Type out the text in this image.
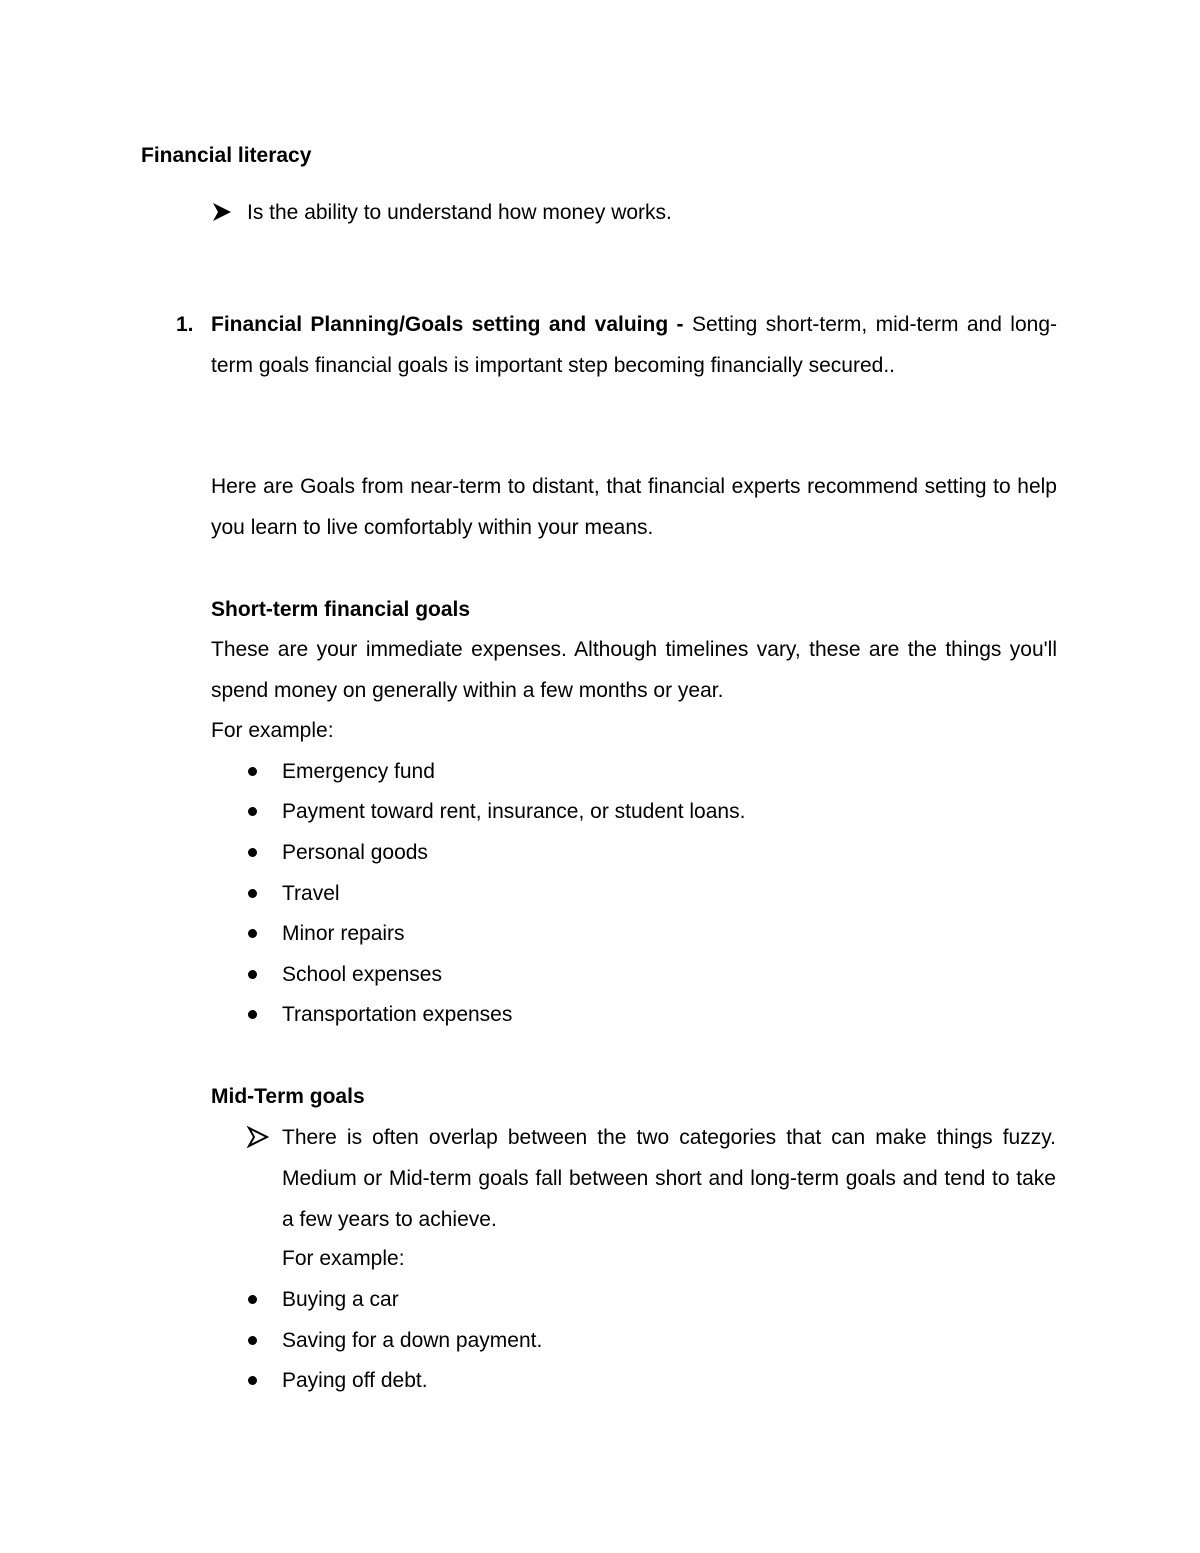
Financial literacy
Is the ability to understand how money works.
1. Financial Planning/Goals setting and valuing - Setting short-term, mid-term and long-term goals financial goals is important step becoming financially secured..
Here are Goals from near-term to distant, that financial experts recommend setting to help you learn to live comfortably within your means.
Short-term financial goals
These are your immediate expenses. Although timelines vary, these are the things you'll spend money on generally within a few months or year.
For example:
Emergency fund
Payment toward rent, insurance, or student loans.
Personal goods
Travel
Minor repairs
School expenses
Transportation expenses
Mid-Term goals
There is often overlap between the two categories that can make things fuzzy. Medium or Mid-term goals fall between short and long-term goals and tend to take a few years to achieve.
For example:
Buying a car
Saving for a down payment.
Paying off debt.
